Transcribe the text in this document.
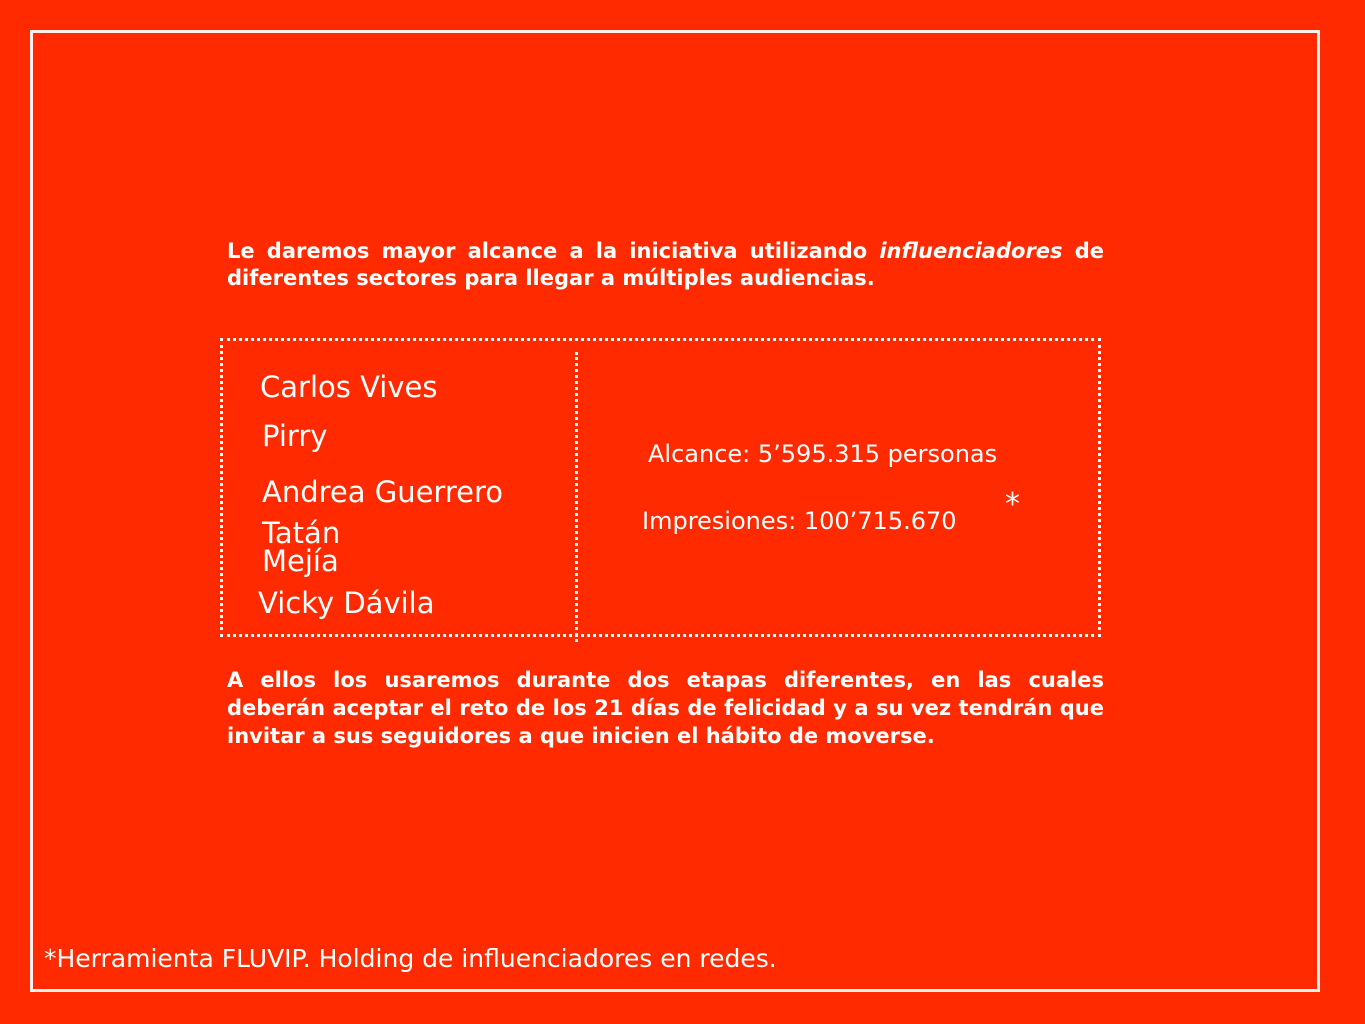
Le daremos mayor alcance a la iniciativa utilizando influenciadores de diferentes sectores para llegar a múltiples audiencias.

Carlos Vives
Pirry
Andrea Guerrero
Tatán
Mejía
Vicky Dávila
Alcance: 5’595.315 personas
Impresiones: 100’715.670 *

A ellos los usaremos durante dos etapas diferentes, en las cuales deberán aceptar el reto de los 21 días de felicidad y a su vez tendrán que invitar a sus seguidores a que inicien el hábito de moverse.

*Herramienta FLUVIP. Holding de influenciadores en redes.
